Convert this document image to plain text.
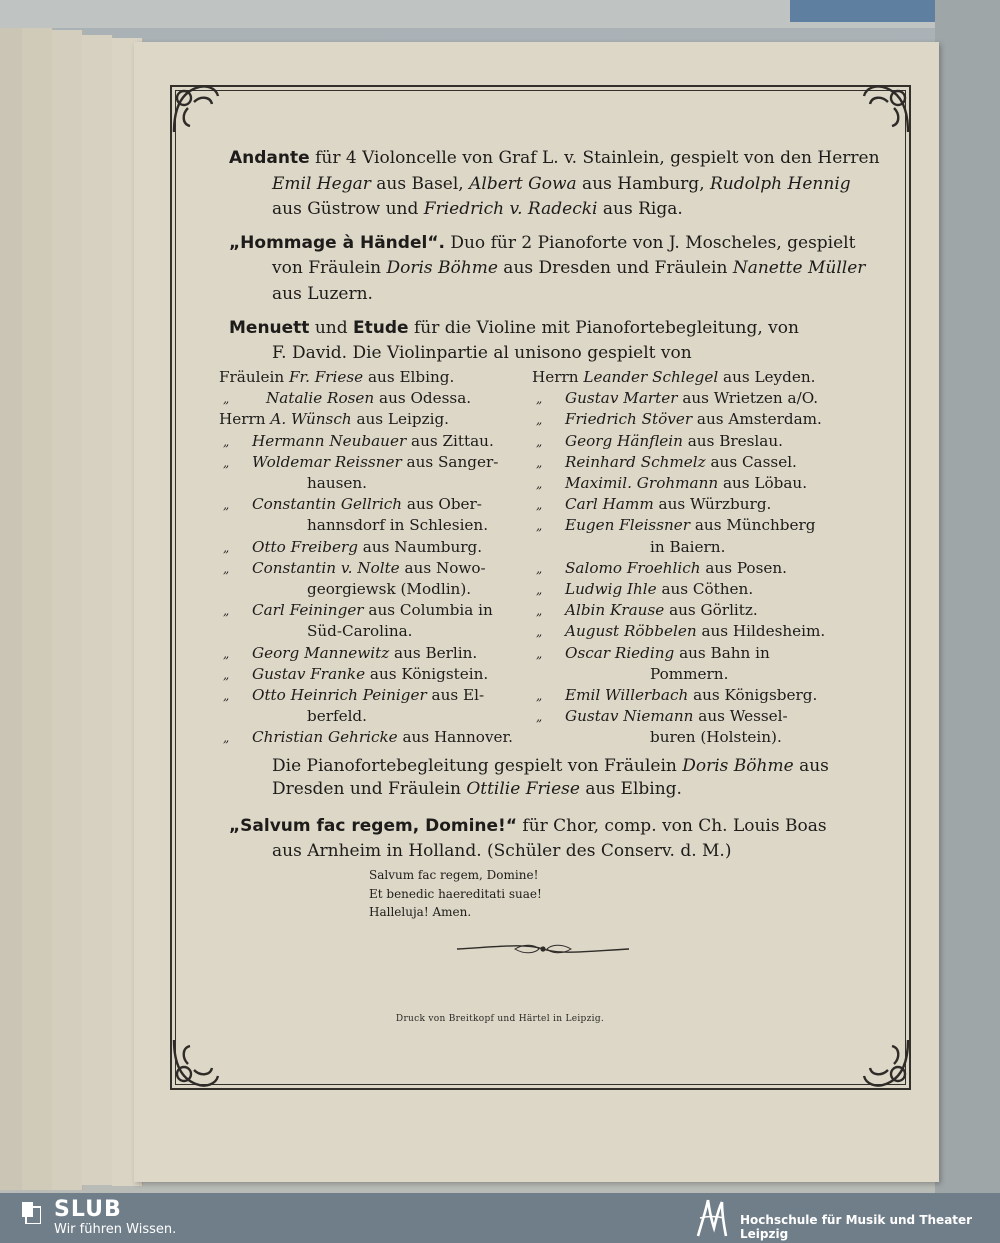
Andante für 4 Violoncelle von Graf L. v. Stainlein, gespielt von den Herren
Emil Hegar aus Basel, Albert Gowa aus Hamburg, Rudolph Hennig
aus Güstrow und Friedrich v. Radecki aus Riga.
„Hommage à Händel“. Duo für 2 Pianoforte von J. Moscheles, gespielt
von Fräulein Doris Böhme aus Dresden und Fräulein Nanette Müller
aus Luzern.
Menuett und Etude für die Violine mit Pianofortebegleitung, von
F. David. Die Violinpartie al unisono gespielt von
Fräulein Fr. Friese aus Elbing.
„ Natalie Rosen aus Odessa.
Herrn A. Wünsch aus Leipzig.
„ Hermann Neubauer aus Zittau.
„ Woldemar Reissner aus Sanger-
hausen.
„ Constantin Gellrich aus Ober-
hannsdorf in Schlesien.
„ Otto Freiberg aus Naumburg.
„ Constantin v. Nolte aus Nowo-
georgiewsk (Modlin).
„ Carl Feininger aus Columbia in
Süd-Carolina.
„ Georg Mannewitz aus Berlin.
„ Gustav Franke aus Königstein.
„ Otto Heinrich Peiniger aus El-
berfeld.
„ Christian Gehricke aus Hannover.
Herrn Leander Schlegel aus Leyden.
„ Gustav Marter aus Wrietzen a/O.
„ Friedrich Stöver aus Amsterdam.
„ Georg Hänflein aus Breslau.
„ Reinhard Schmelz aus Cassel.
„ Maximil. Grohmann aus Löbau.
„ Carl Hamm aus Würzburg.
„ Eugen Fleissner aus Münchberg
in Baiern.
„ Salomo Froehlich aus Posen.
„ Ludwig Ihle aus Cöthen.
„ Albin Krause aus Görlitz.
„ August Röbbelen aus Hildesheim.
„ Oscar Rieding aus Bahn in
Pommern.
„ Emil Willerbach aus Königsberg.
„ Gustav Niemann aus Wessel-
buren (Holstein).
Die Pianofortebegleitung gespielt von Fräulein Doris Böhme aus
Dresden und Fräulein Ottilie Friese aus Elbing.
„Salvum fac regem, Domine!“ für Chor, comp. von Ch. Louis Boas
aus Arnheim in Holland. (Schüler des Conserv. d. M.)
Salvum fac regem, Domine!
Et benedic haereditati suae!
Halleluja! Amen.
Druck von Breitkopf und Härtel in Leipzig.
SLUB
Wir führen Wissen.
Hochschule für Musik und Theater Leipzig
